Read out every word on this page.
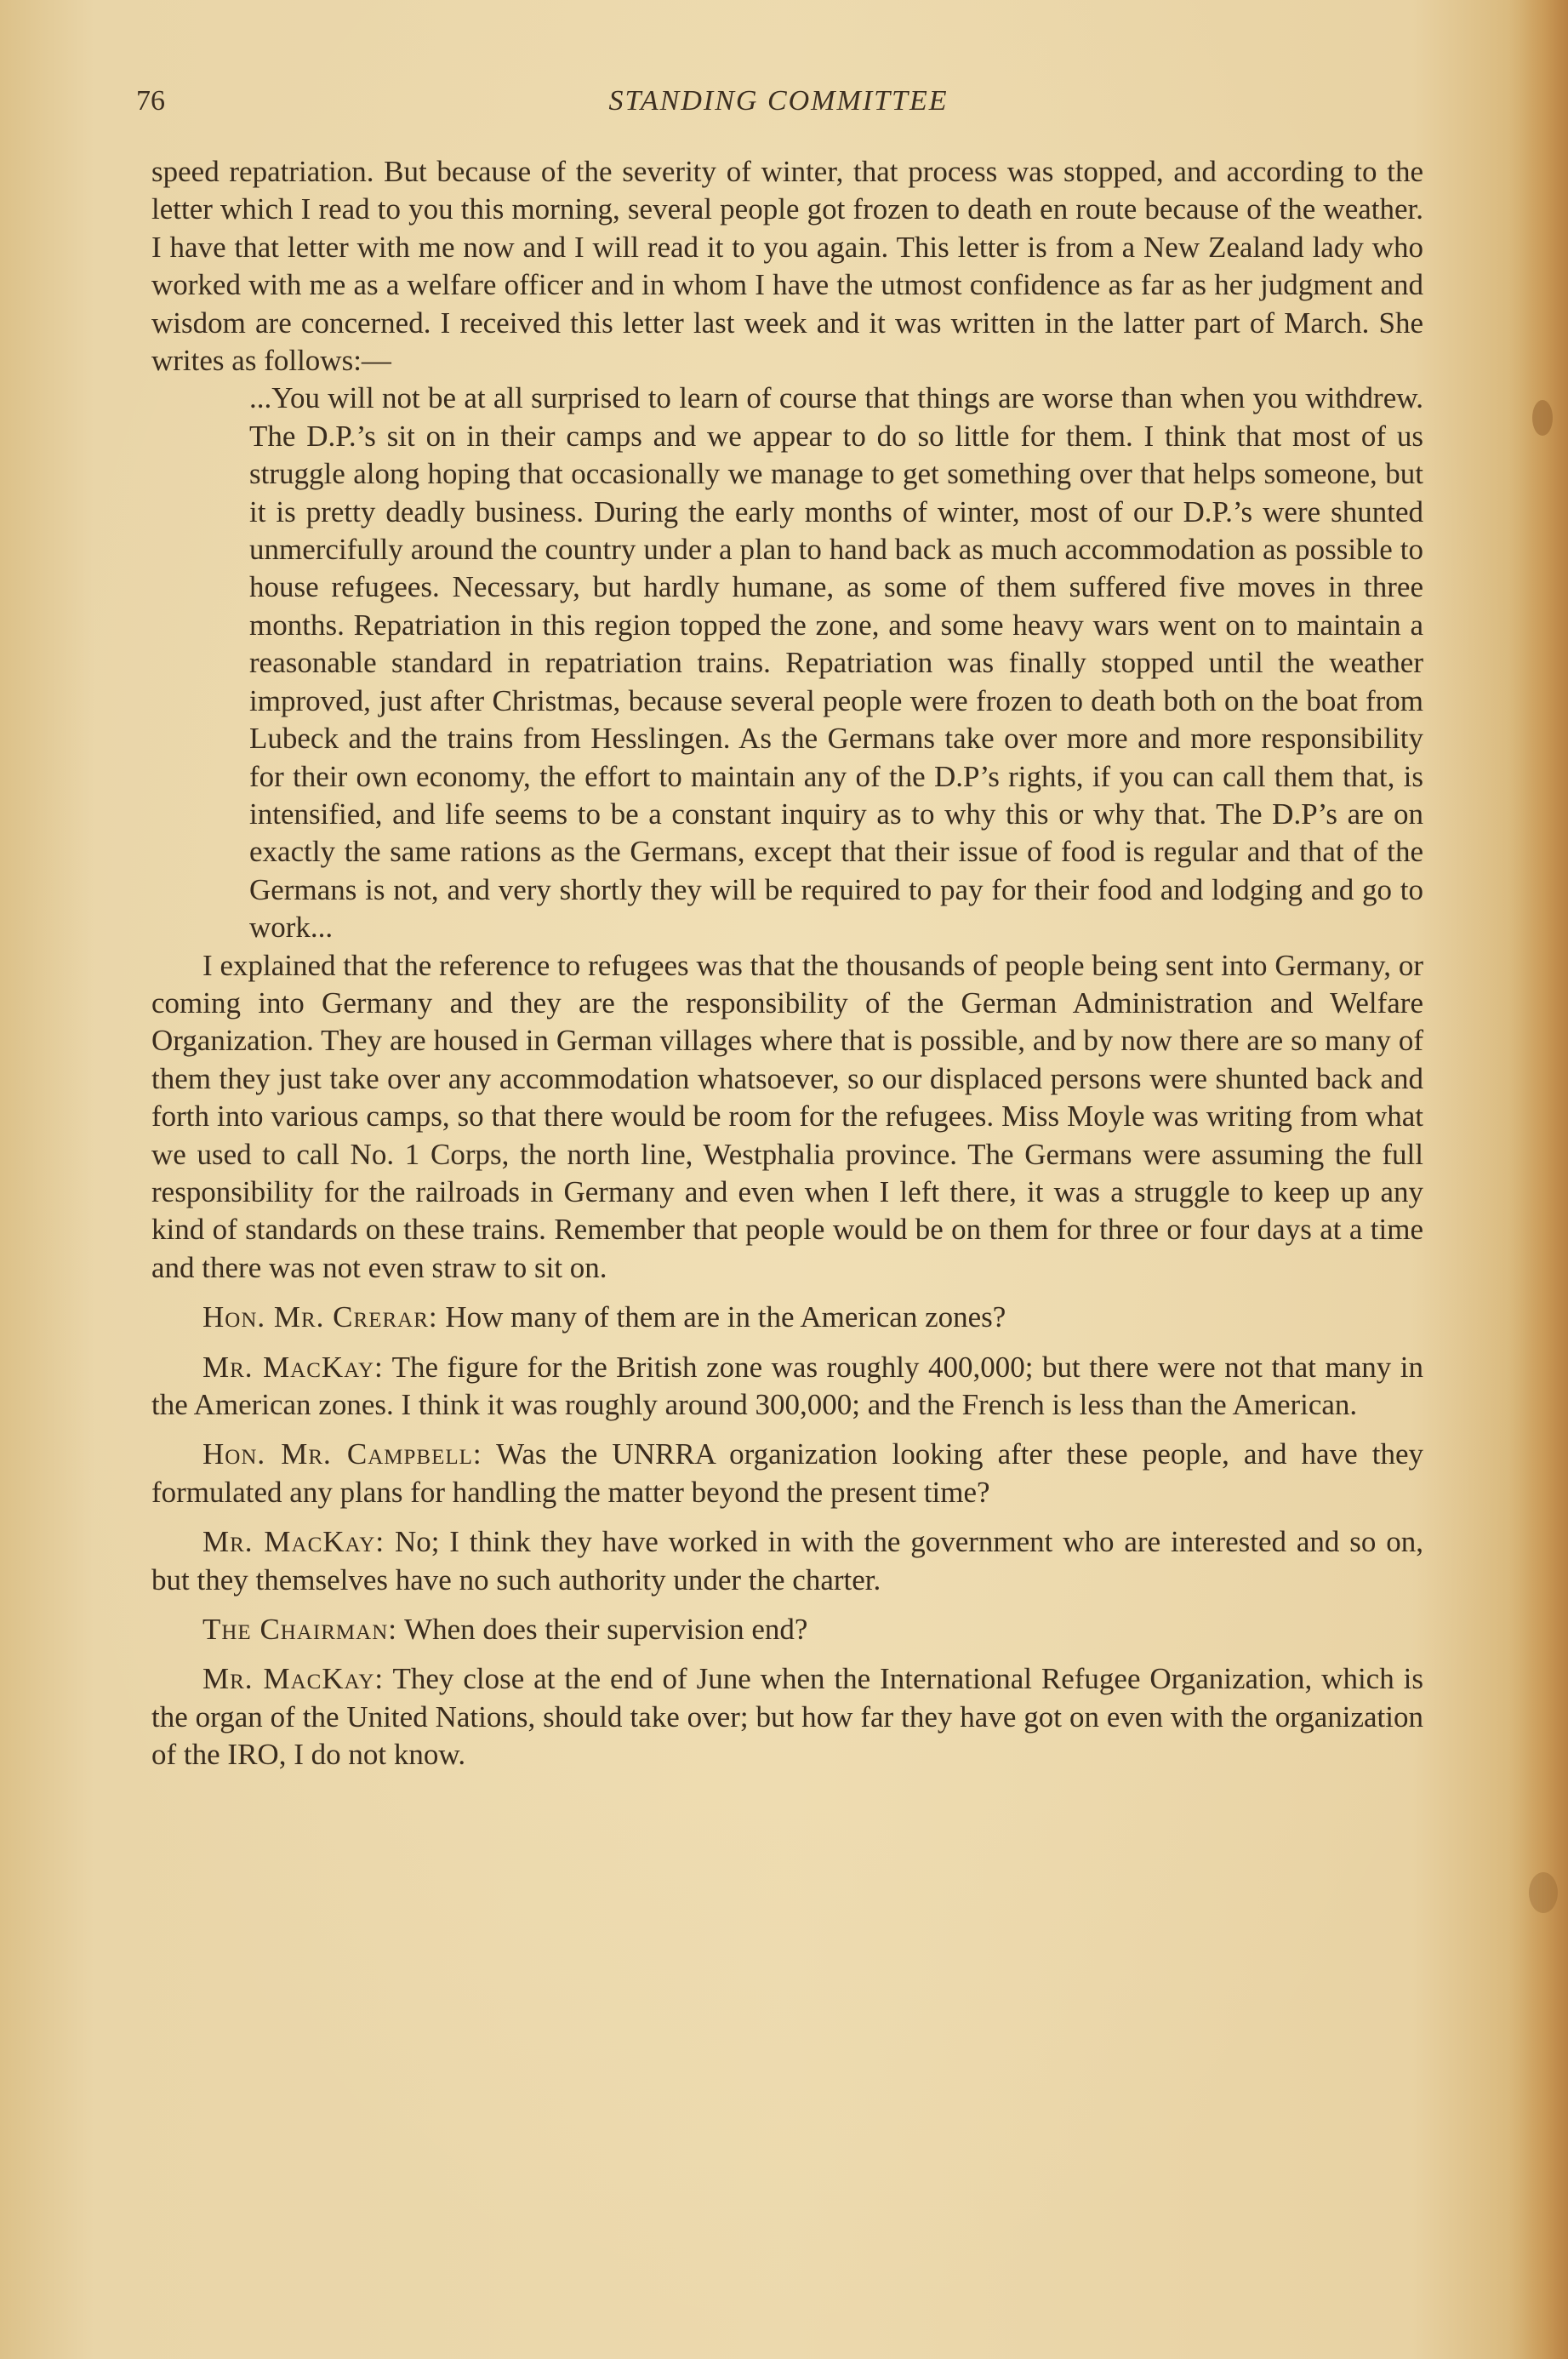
76	STANDING COMMITTEE

speed repatriation. But because of the severity of winter, that process was stopped, and according to the letter which I read to you this morning, several people got frozen to death en route because of the weather. I have that letter with me now and I will read it to you again. This letter is from a New Zealand lady who worked with me as a welfare officer and in whom I have the utmost confidence as far as her judgment and wisdom are concerned. I received this letter last week and it was written in the latter part of March. She writes as follows:—

...You will not be at all surprised to learn of course that things are worse than when you withdrew. The D.P.’s sit on in their camps and we appear to do so little for them. I think that most of us struggle along hoping that occasionally we manage to get something over that helps someone, but it is pretty deadly business. During the early months of winter, most of our D.P.’s were shunted unmercifully around the country under a plan to hand back as much accommodation as possible to house refugees. Necessary, but hardly humane, as some of them suffered five moves in three months. Repatriation in this region topped the zone, and some heavy wars went on to maintain a reasonable standard in repatriation trains. Repatriation was finally stopped until the weather improved, just after Christmas, because several people were frozen to death both on the boat from Lubeck and the trains from Hesslingen. As the Germans take over more and more responsibility for their own economy, the effort to maintain any of the D.P’s rights, if you can call them that, is intensified, and life seems to be a constant inquiry as to why this or why that. The D.P’s are on exactly the same rations as the Germans, except that their issue of food is regular and that of the Germans is not, and very shortly they will be required to pay for their food and lodging and go to work...

I explained that the reference to refugees was that the thousands of people being sent into Germany, or coming into Germany and they are the responsibility of the German Administration and Welfare Organization. They are housed in German villages where that is possible, and by now there are so many of them they just take over any accommodation whatsoever, so our displaced persons were shunted back and forth into various camps, so that there would be room for the refugees. Miss Moyle was writing from what we used to call No. 1 Corps, the north line, Westphalia province. The Germans were assuming the full responsibility for the railroads in Germany and even when I left there, it was a struggle to keep up any kind of standards on these trains. Remember that people would be on them for three or four days at a time and there was not even straw to sit on.

Hon. Mr. Crerar: How many of them are in the American zones?

Mr. MacKay: The figure for the British zone was roughly 400,000; but there were not that many in the American zones. I think it was roughly around 300,000; and the French is less than the American.

Hon. Mr. Campbell: Was the UNRRA organization looking after these people, and have they formulated any plans for handling the matter beyond the present time?

Mr. MacKay: No; I think they have worked in with the government who are interested and so on, but they themselves have no such authority under the charter.

The Chairman: When does their supervision end?

Mr. MacKay: They close at the end of June when the International Refugee Organization, which is the organ of the United Nations, should take over; but how far they have got on even with the organization of the IRO, I do not know.
